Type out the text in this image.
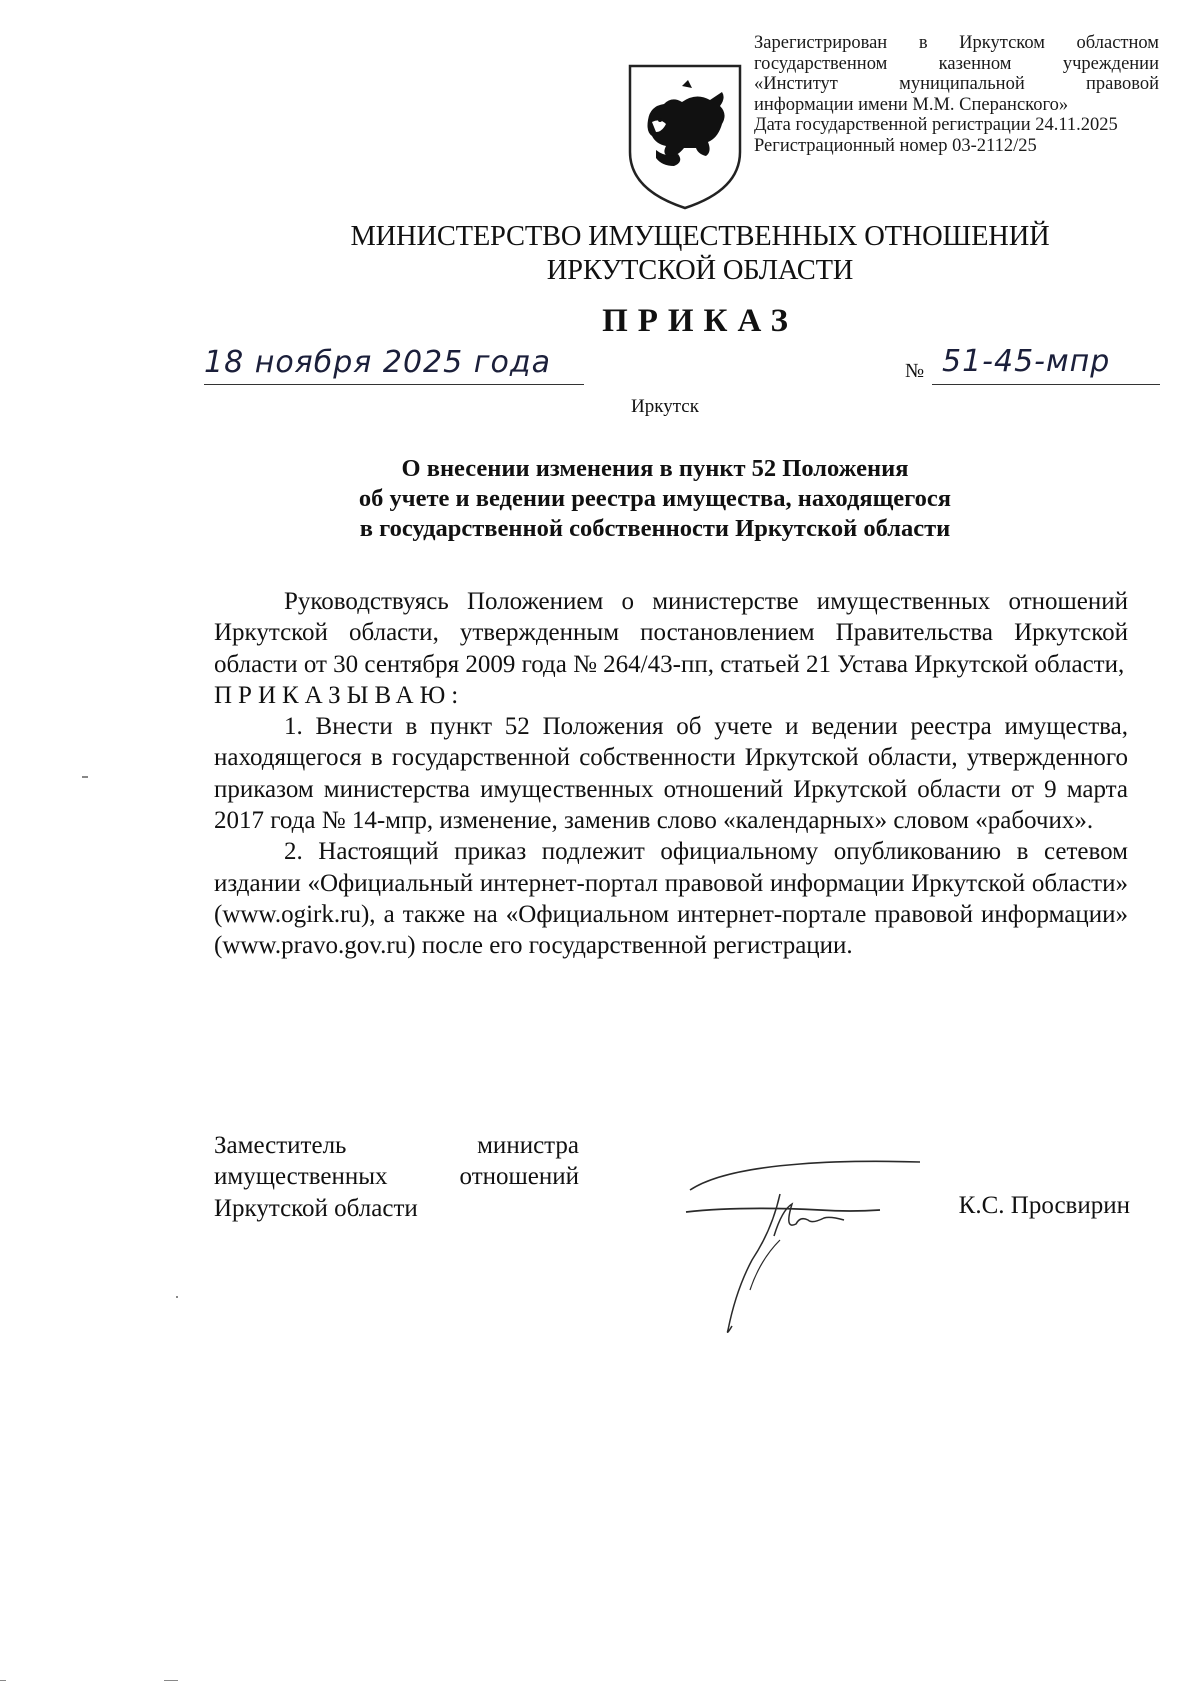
Зарегистрирован в Иркутском областном
государственном казенном учреждении
«Институт муниципальной правовой
информации имени М.М. Сперанского»
Дата государственной регистрации 24.11.2025
Регистрационный номер 03-2112/25
МИНИСТЕРСТВО ИМУЩЕСТВЕННЫХ ОТНОШЕНИЙ
ИРКУТСКОЙ ОБЛАСТИ
ПРИКАЗ
18 ноября 2025 года	№ 51-45-мпр
Иркутск
О внесении изменения в пункт 52 Положения
об учете и ведении реестра имущества, находящегося
в государственной собственности Иркутской области

Руководствуясь Положением о министерстве имущественных отношений Иркутской области, утвержденным постановлением Правительства Иркутской области от 30 сентября 2009 года № 264/43-пп, статьей 21 Устава Иркутской области,

ПРИКАЗЫВАЮ:

1. Внести в пункт 52 Положения об учете и ведении реестра имущества, находящегося в государственной собственности Иркутской области, утвержденного приказом министерства имущественных отношений Иркутской области от 9 марта 2017 года № 14-мпр, изменение, заменив слово «календарных» словом «рабочих».

2. Настоящий приказ подлежит официальному опубликованию в сетевом издании «Официальный интернет-портал правовой информации Иркутской области» (www.ogirk.ru), а также на «Официальном интернет-портале правовой информации» (www.pravo.gov.ru) после его государственной регистрации.

Заместитель министра
имущественных отношений
Иркутской области	К.С. Просвирин
